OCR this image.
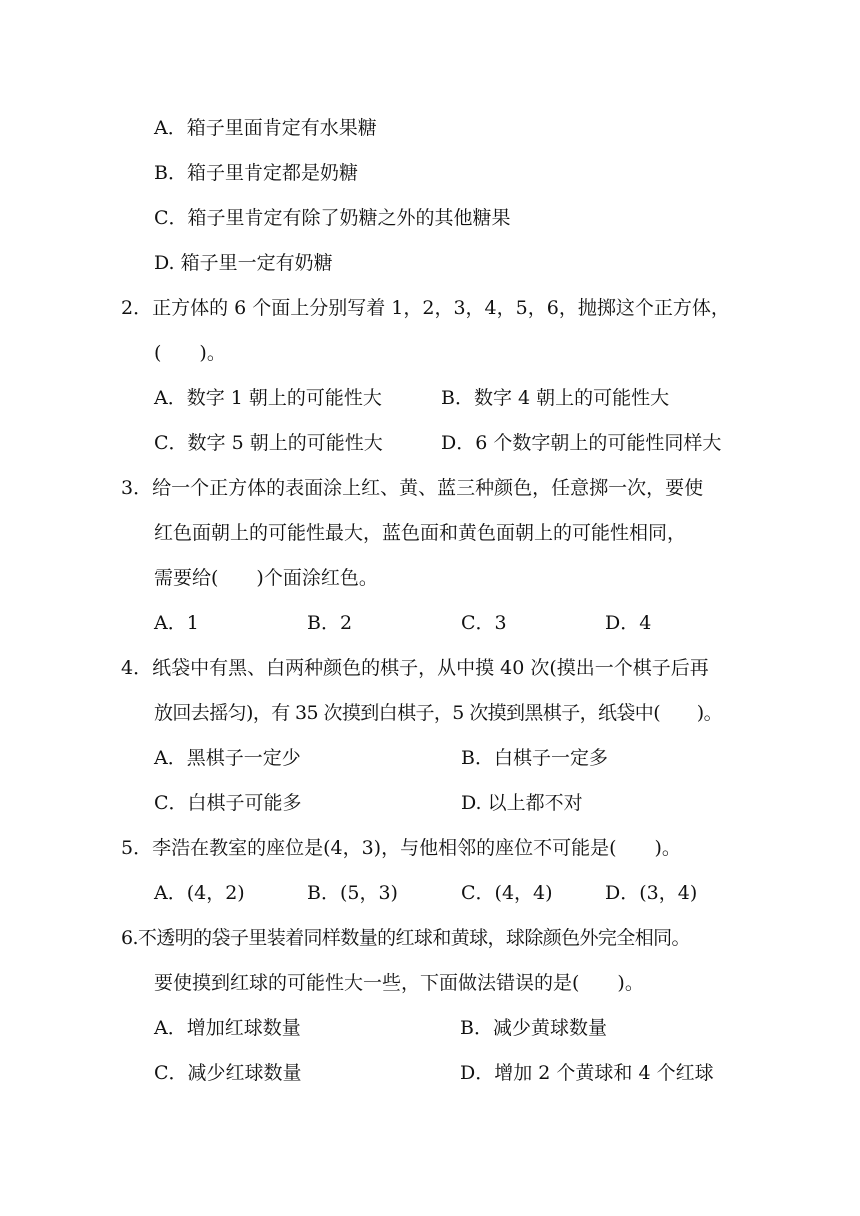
A．箱子里面肯定有水果糖
B．箱子里肯定都是奶糖
C．箱子里肯定有除了奶糖之外的其他糖果
D. 箱子里一定有奶糖
2．正方体的 6 个面上分别写着 1，2，3，4，5，6，抛掷这个正方体，
(　　)。
A．数字 1 朝上的可能性大	B．数字 4 朝上的可能性大
C．数字 5 朝上的可能性大	D．6 个数字朝上的可能性同样大
3．给一个正方体的表面涂上红、黄、蓝三种颜色，任意掷一次，要使
红色面朝上的可能性最大，蓝色面和黄色面朝上的可能性相同，
需要给(　　)个面涂红色。
A．1	B．2	C．3	D．4
4．纸袋中有黑、白两种颜色的棋子，从中摸 40 次(摸出一个棋子后再
放回去摇匀)，有 35 次摸到白棋子，5 次摸到黑棋子，纸袋中(　　)。
A．黑棋子一定少	B．白棋子一定多
C．白棋子可能多	D. 以上都不对
5．李浩在教室的座位是(4，3)，与他相邻的座位不可能是(　　)。
A．(4，2)	B．(5，3)	C．(4，4)	D．(3，4)
6.不透明的袋子里装着同样数量的红球和黄球，球除颜色外完全相同。
要使摸到红球的可能性大一些，下面做法错误的是(　　)。
A．增加红球数量	B．减少黄球数量
C．减少红球数量	D．增加 2 个黄球和 4 个红球
